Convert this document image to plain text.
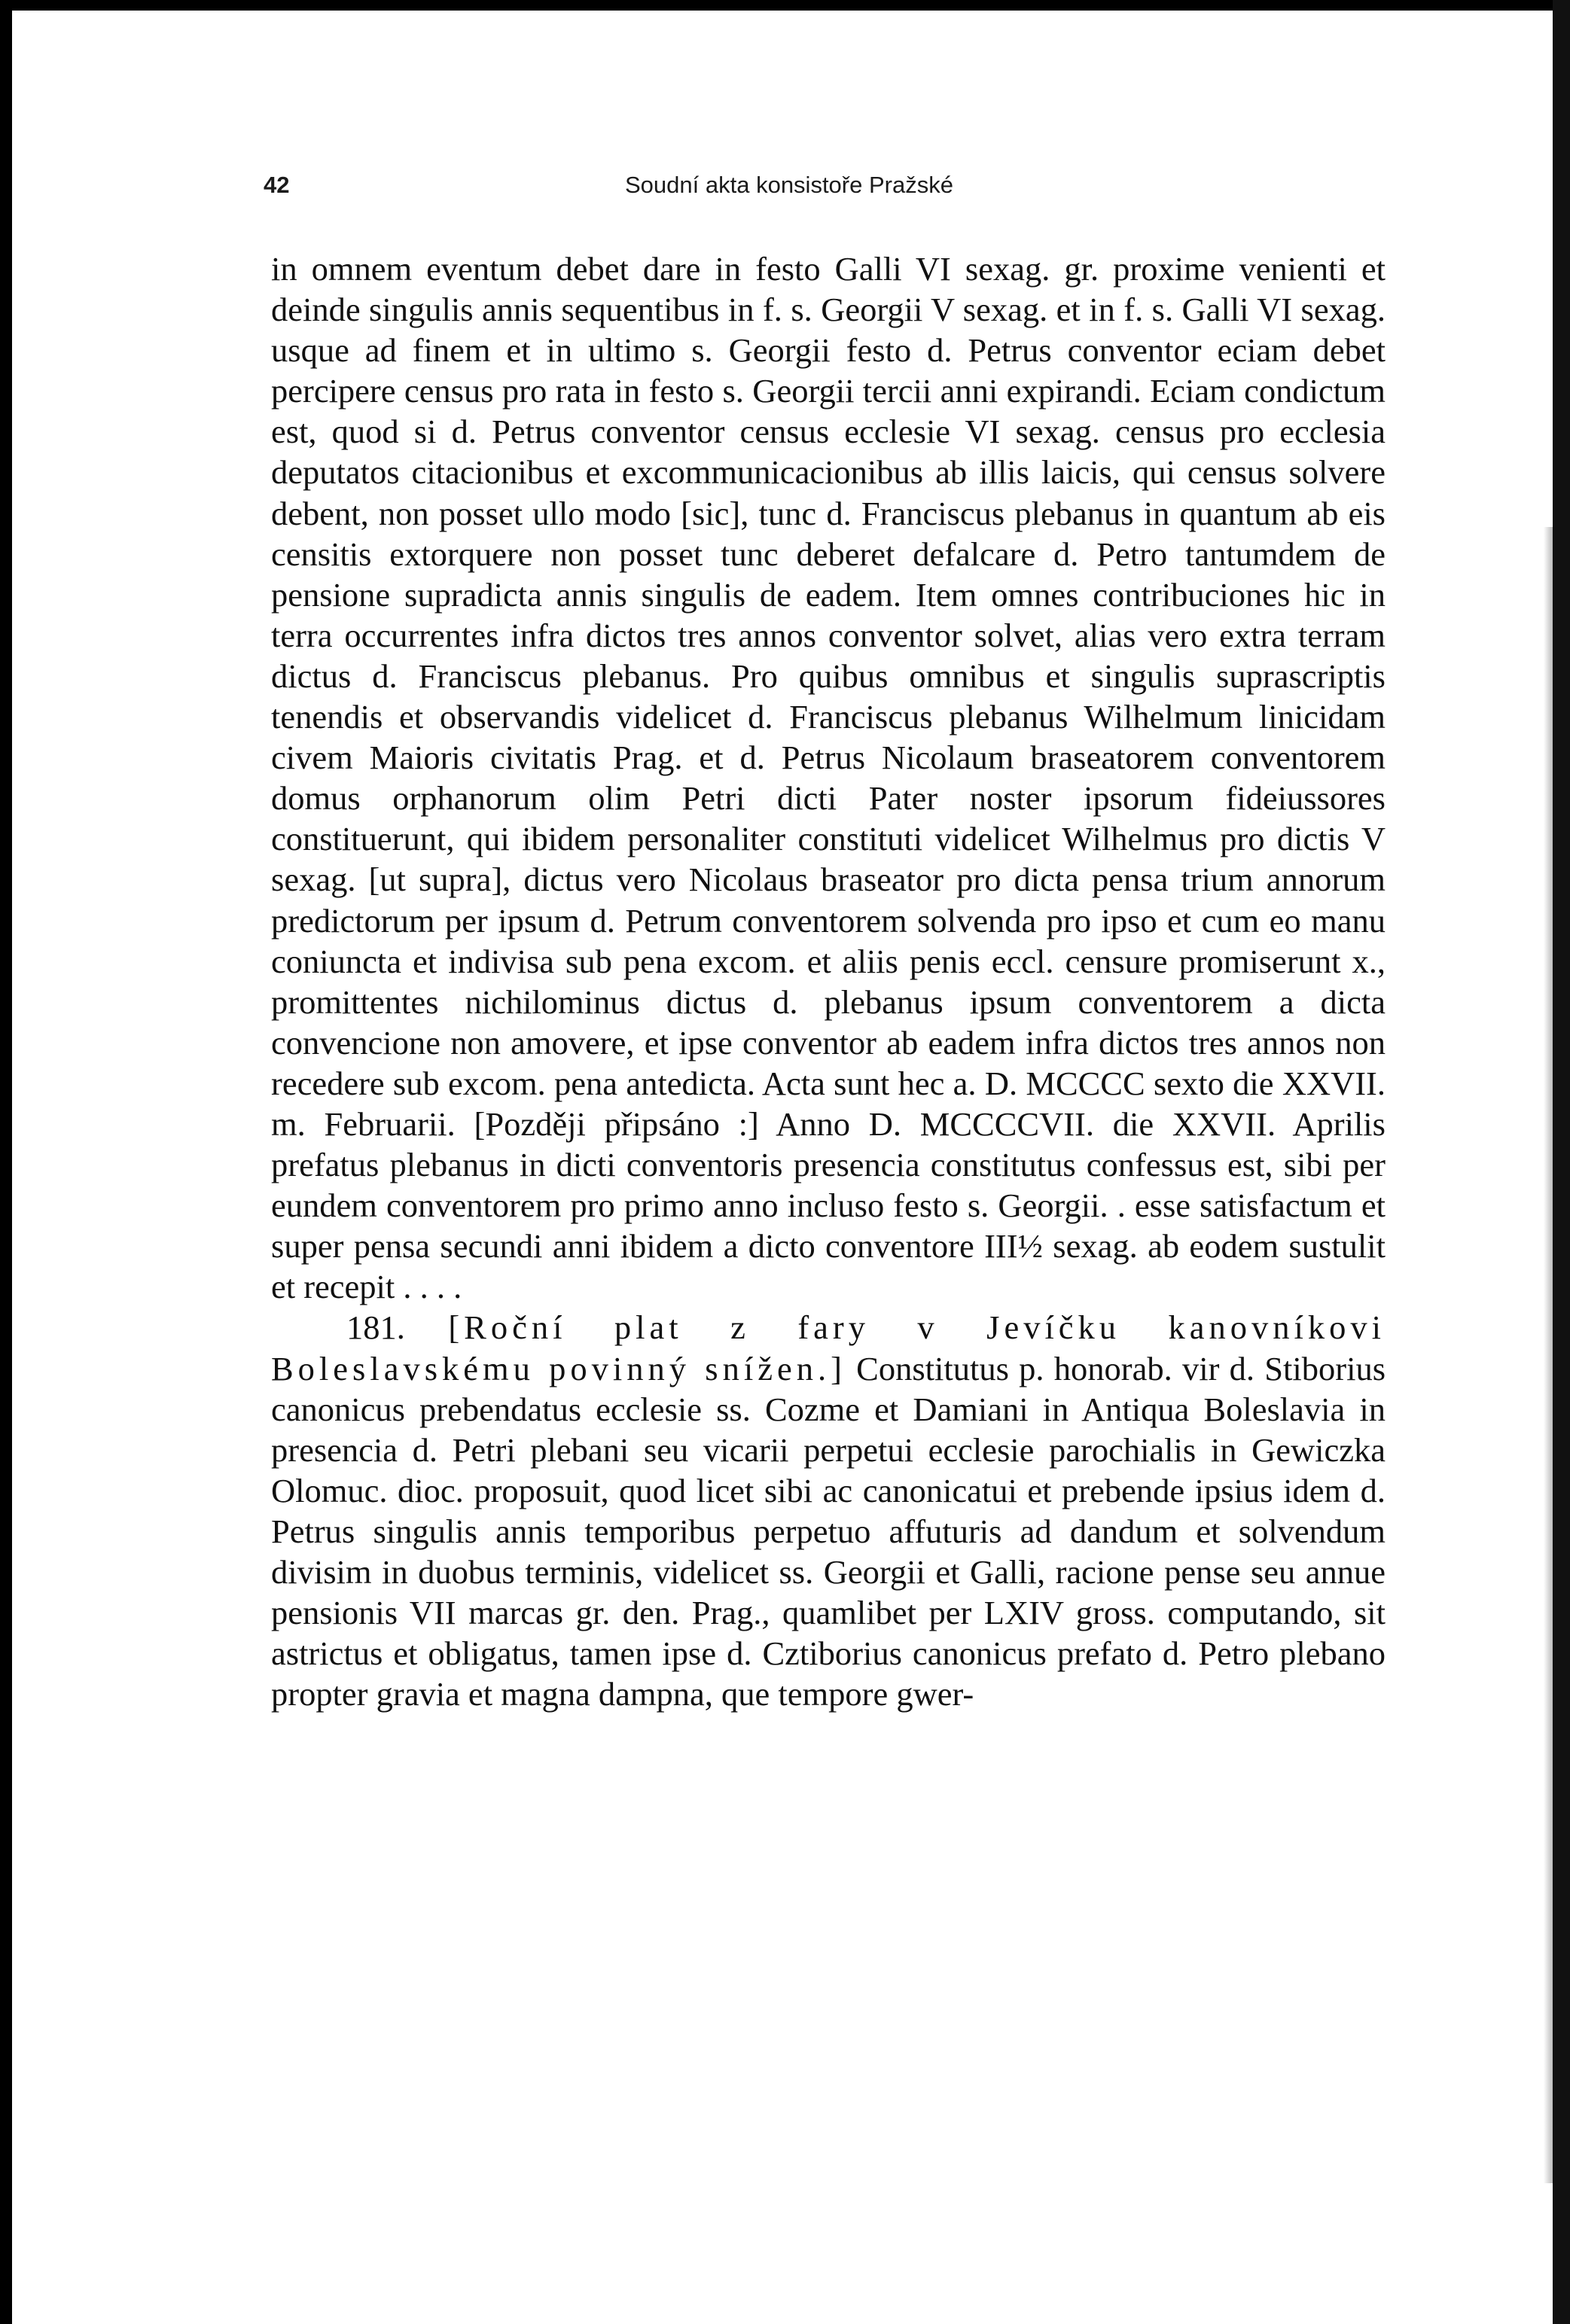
42	Soudní akta konsistoře Pražské

in omnem eventum debet dare in festo Galli VI sexag. gr. proxime venienti et deinde singulis annis sequentibus in f. s. Georgii V sexag. et in f. s. Galli VI sexag. usque ad finem et in ultimo s. Georgii festo d. Petrus conventor eciam debet percipere census pro rata in festo s. Georgii tercii anni expirandi. Eciam condictum est, quod si d. Petrus conventor census ecclesie VI sexag. census pro ecclesia deputatos citacionibus et excommunicacionibus ab illis laicis, qui census solvere debent, non posset ullo modo [sic], tunc d. Franciscus plebanus in quantum ab eis censitis extorquere non posset tunc deberet defalcare d. Petro tantumdem de pensione supradicta annis singulis de eadem. Item omnes contribuciones hic in terra occurrentes infra dictos tres annos conventor solvet, alias vero extra terram dictus d. Franciscus plebanus. Pro quibus omnibus et singulis suprascriptis tenendis et observandis videlicet d. Franciscus plebanus Wilhelmum linicidam civem Maioris civitatis Prag. et d. Petrus Nicolaum braseatorem conventorem domus orphanorum olim Petri dicti Pater noster ipsorum fideiussores constituerunt, qui ibidem personaliter constituti videlicet Wilhelmus pro dictis V sexag. [ut supra], dictus vero Nicolaus braseator pro dicta pensa trium annorum predictorum per ipsum d. Petrum conventorem solvenda pro ipso et cum eo manu coniuncta et indivisa sub pena excom. et aliis penis eccl. censure promiserunt x., promittentes nichilominus dictus d. plebanus ipsum conventorem a dicta convencione non amovere, et ipse conventor ab eadem infra dictos tres annos non recedere sub excom. pena antedicta. Acta sunt hec a. D. MCCCC sexto die XXVII. m. Februarii. [Později připsáno :] Anno D. MCCCCVII. die XXVII. Aprilis prefatus plebanus in dicti conventoris presencia constitutus confessus est, sibi per eundem conventorem pro primo anno incluso festo s. Georgii. . esse satisfactum et super pensa secundi anni ibidem a dicto conventore III½ sexag. ab eodem sustulit et recepit . . . .

181. [Roční plat z fary v Jevíčku kanovníkovi Boleslavskému povinný snížen.] Constitutus p. honorab. vir d. Stiborius canonicus prebendatus ecclesie ss. Cozme et Damiani in Antiqua Boleslavia in presencia d. Petri plebani seu vicarii perpetui ecclesie parochialis in Gewiczka Olomuc. dioc. proposuit, quod licet sibi ac canonicatui et prebende ipsius idem d. Petrus singulis annis temporibus perpetuo affuturis ad dandum et solvendum divisim in duobus terminis, videlicet ss. Georgii et Galli, racione pense seu annue pensionis VII marcas gr. den. Prag., quamlibet per LXIV gross. computando, sit astrictus et obligatus, tamen ipse d. Cztiborius canonicus prefato d. Petro plebano propter gravia et magna dampna, que tempore gwer-
